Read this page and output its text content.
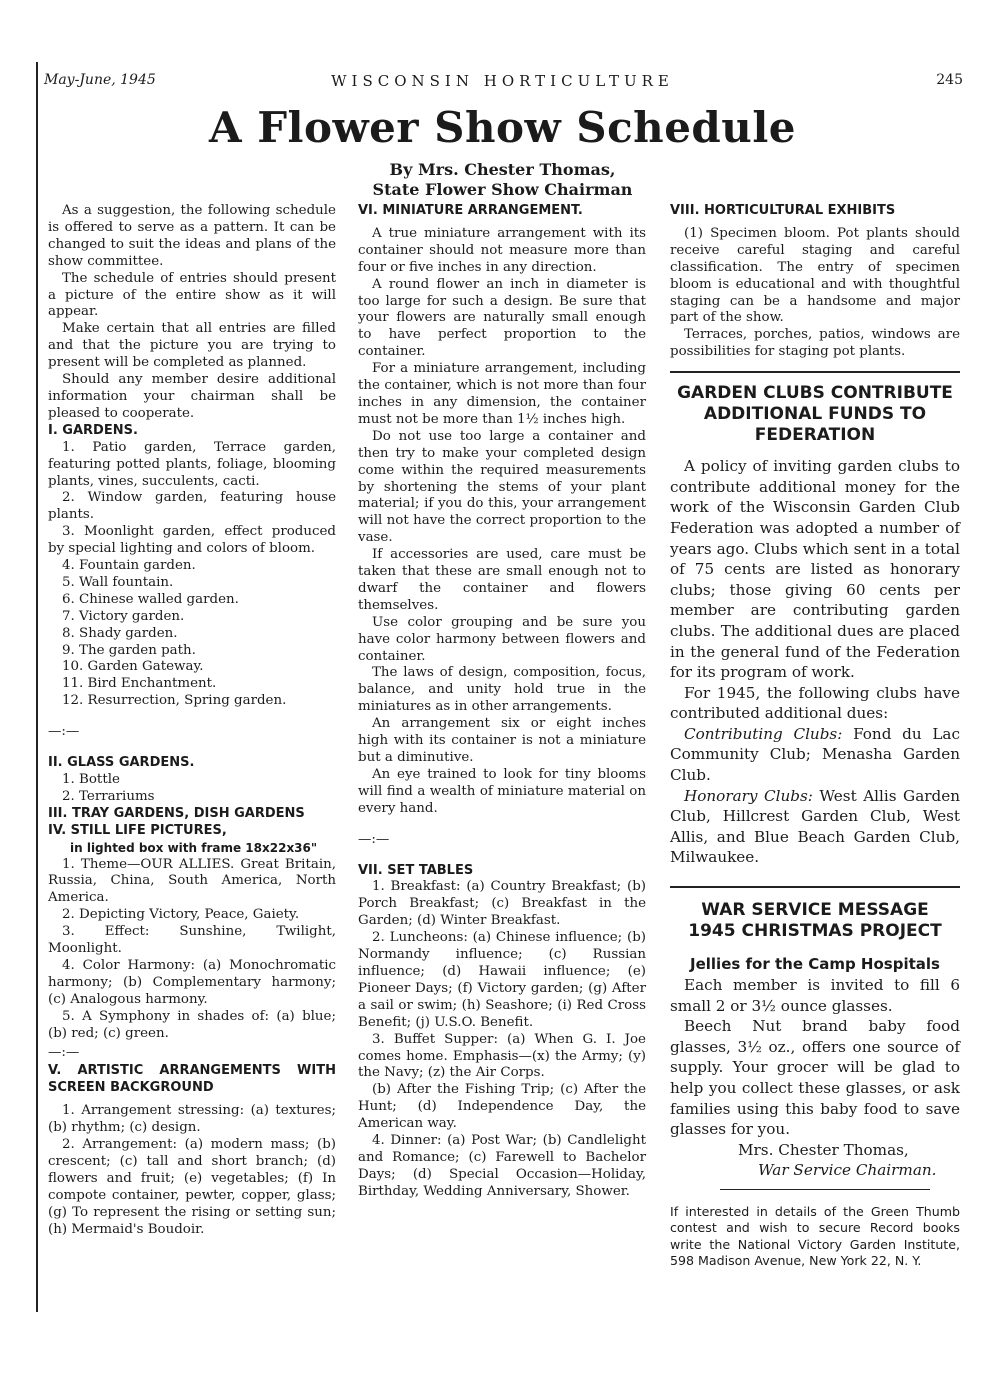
May-June, 1945	WISCONSIN HORTICULTURE	245
A Flower Show Schedule
By Mrs. Chester Thomas,
State Flower Show Chairman

As a suggestion, the following schedule is offered to serve as a pattern. It can be changed to suit the ideas and plans of the show committee.

The schedule of entries should present a picture of the entire show as it will appear.

Make certain that all entries are filled and that the picture you are trying to present will be completed as planned.

Should any member desire additional information your chairman shall be pleased to cooperate.

I. GARDENS.

1. Patio garden, Terrace garden, featuring potted plants, foliage, blooming plants, vines, succulents, cacti.

2. Window garden, featuring house plants.

3. Moonlight garden, effect produced by special lighting and colors of bloom.

4. Fountain garden.

5. Wall fountain.

6. Chinese walled garden.

7. Victory garden.

8. Shady garden.

9. The garden path.

10. Garden Gateway.

11. Bird Enchantment.

12. Resurrection, Spring garden.

—:—

II. GLASS GARDENS.

1. Bottle

2. Terrariums

III. TRAY GARDENS, DISH GARDENS

IV. STILL LIFE PICTURES,

in lighted box with frame 18x22x36"

1. Theme—OUR ALLIES. Great Britain, Russia, China, South America, North America.

2. Depicting Victory, Peace, Gaiety.

3. Effect: Sunshine, Twilight, Moonlight.

4. Color Harmony: (a) Monochromatic harmony; (b) Complementary harmony; (c) Analogous harmony.

5. A Symphony in shades of: (a) blue; (b) red; (c) green.

—:—

V. ARTISTIC ARRANGEMENTS WITH SCREEN BACKGROUND

1. Arrangement stressing: (a) textures; (b) rhythm; (c) design.

2. Arrangement: (a) modern mass; (b) crescent; (c) tall and short branch; (d) flowers and fruit; (e) vegetables; (f) In compote container, pewter, copper, glass; (g) To represent the rising or setting sun; (h) Mermaid's Boudoir.

VI. MINIATURE ARRANGEMENT.

A true miniature arrangement with its container should not measure more than four or five inches in any direction.

A round flower an inch in diameter is too large for such a design. Be sure that your flowers are naturally small enough to have perfect proportion to the container.

For a miniature arrangement, including the container, which is not more than four inches in any dimension, the container must not be more than 1½ inches high.

Do not use too large a container and then try to make your completed design come within the required measurements by shortening the stems of your plant material; if you do this, your arrangement will not have the correct proportion to the vase.

If accessories are used, care must be taken that these are small enough not to dwarf the container and flowers themselves.

Use color grouping and be sure you have color harmony between flowers and container.

The laws of design, composition, focus, balance, and unity hold true in the miniatures as in other arrangements.

An arrangement six or eight inches high with its container is not a miniature but a diminutive.

An eye trained to look for tiny blooms will find a wealth of miniature material on every hand.

—:—

VII. SET TABLES

1. Breakfast: (a) Country Breakfast; (b) Porch Breakfast; (c) Breakfast in the Garden; (d) Winter Breakfast.

2. Luncheons: (a) Chinese influence; (b) Normandy influence; (c) Russian influence; (d) Hawaii influence; (e) Pioneer Days; (f) Victory garden; (g) After a sail or swim; (h) Seashore; (i) Red Cross Benefit; (j) U.S.O. Benefit.

3. Buffet Supper: (a) When G. I. Joe comes home. Emphasis—(x) the Army; (y) the Navy; (z) the Air Corps.

(b) After the Fishing Trip; (c) After the Hunt; (d) Independence Day, the American way.

4. Dinner: (a) Post War; (b) Candlelight and Romance; (c) Farewell to Bachelor Days; (d) Special Occasion—Holiday, Birthday, Wedding Anniversary, Shower.

VIII. HORTICULTURAL EXHIBITS

(1) Specimen bloom. Pot plants should receive careful staging and careful classification. The entry of specimen bloom is educational and with thoughtful staging can be a handsome and major part of the show.

Terraces, porches, patios, windows are possibilities for staging pot plants.

GARDEN CLUBS CONTRIBUTE ADDITIONAL FUNDS TO FEDERATION

A policy of inviting garden clubs to contribute additional money for the work of the Wisconsin Garden Club Federation was adopted a number of years ago. Clubs which sent in a total of 75 cents are listed as honorary clubs; those giving 60 cents per member are contributing garden clubs. The additional dues are placed in the general fund of the Federation for its program of work.

For 1945, the following clubs have contributed additional dues:

Contributing Clubs: Fond du Lac Community Club; Menasha Garden Club.

Honorary Clubs: West Allis Garden Club, Hillcrest Garden Club, West Allis, and Blue Beach Garden Club, Milwaukee.

WAR SERVICE MESSAGE
1945 CHRISTMAS PROJECT
Jellies for the Camp Hospitals

Each member is invited to fill 6 small 2 or 3½ ounce glasses.

Beech Nut brand baby food glasses, 3½ oz., offers one source of supply. Your grocer will be glad to help you collect these glasses, or ask families using this baby food to save glasses for you.

Mrs. Chester Thomas,

War Service Chairman.

If interested in details of the Green Thumb contest and wish to secure Record books write the National Victory Garden Institute, 598 Madison Avenue, New York 22, N. Y.
